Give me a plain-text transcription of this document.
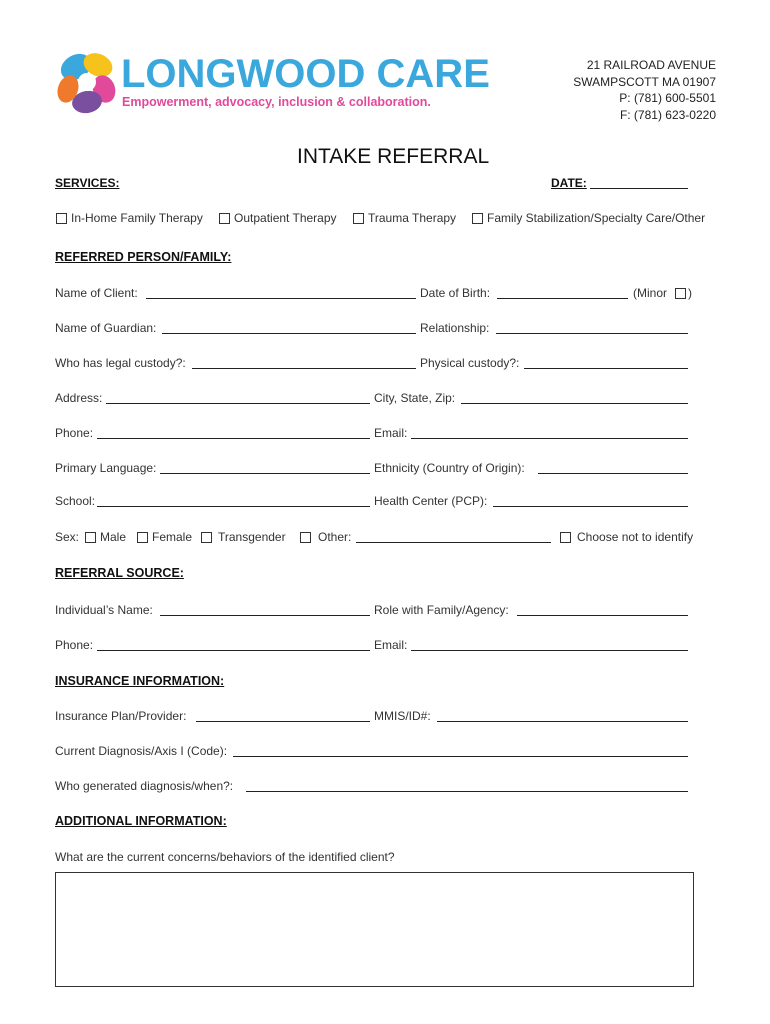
LONGWOOD CARE
Empowerment, advocacy, inclusion & collaboration.
21 RAILROAD AVENUE
SWAMPSCOTT MA 01907
P: (781) 600-5501
F: (781) 623-0220
INTAKE REFERRAL
SERVICES:	DATE:
In-Home Family Therapy	Outpatient Therapy	Trauma Therapy	Family Stabilization/Specialty Care/Other
REFERRED PERSON/FAMILY:
Name of Client:	Date of Birth:	(Minor )
Name of Guardian:	Relationship:
Who has legal custody?:	Physical custody?:
Address:	City, State, Zip:
Phone:	Email:
Primary Language:	Ethnicity (Country of Origin):
School:	Health Center (PCP):
Sex: Male Female Transgender	Other:	Choose not to identify
REFERRAL SOURCE:
Individual’s Name:	Role with Family/Agency:
Phone:	Email:
INSURANCE INFORMATION:
Insurance Plan/Provider:	MMIS/ID#:
Current Diagnosis/Axis I (Code):
Who generated diagnosis/when?:
ADDITIONAL INFORMATION:
What are the current concerns/behaviors of the identified client?
